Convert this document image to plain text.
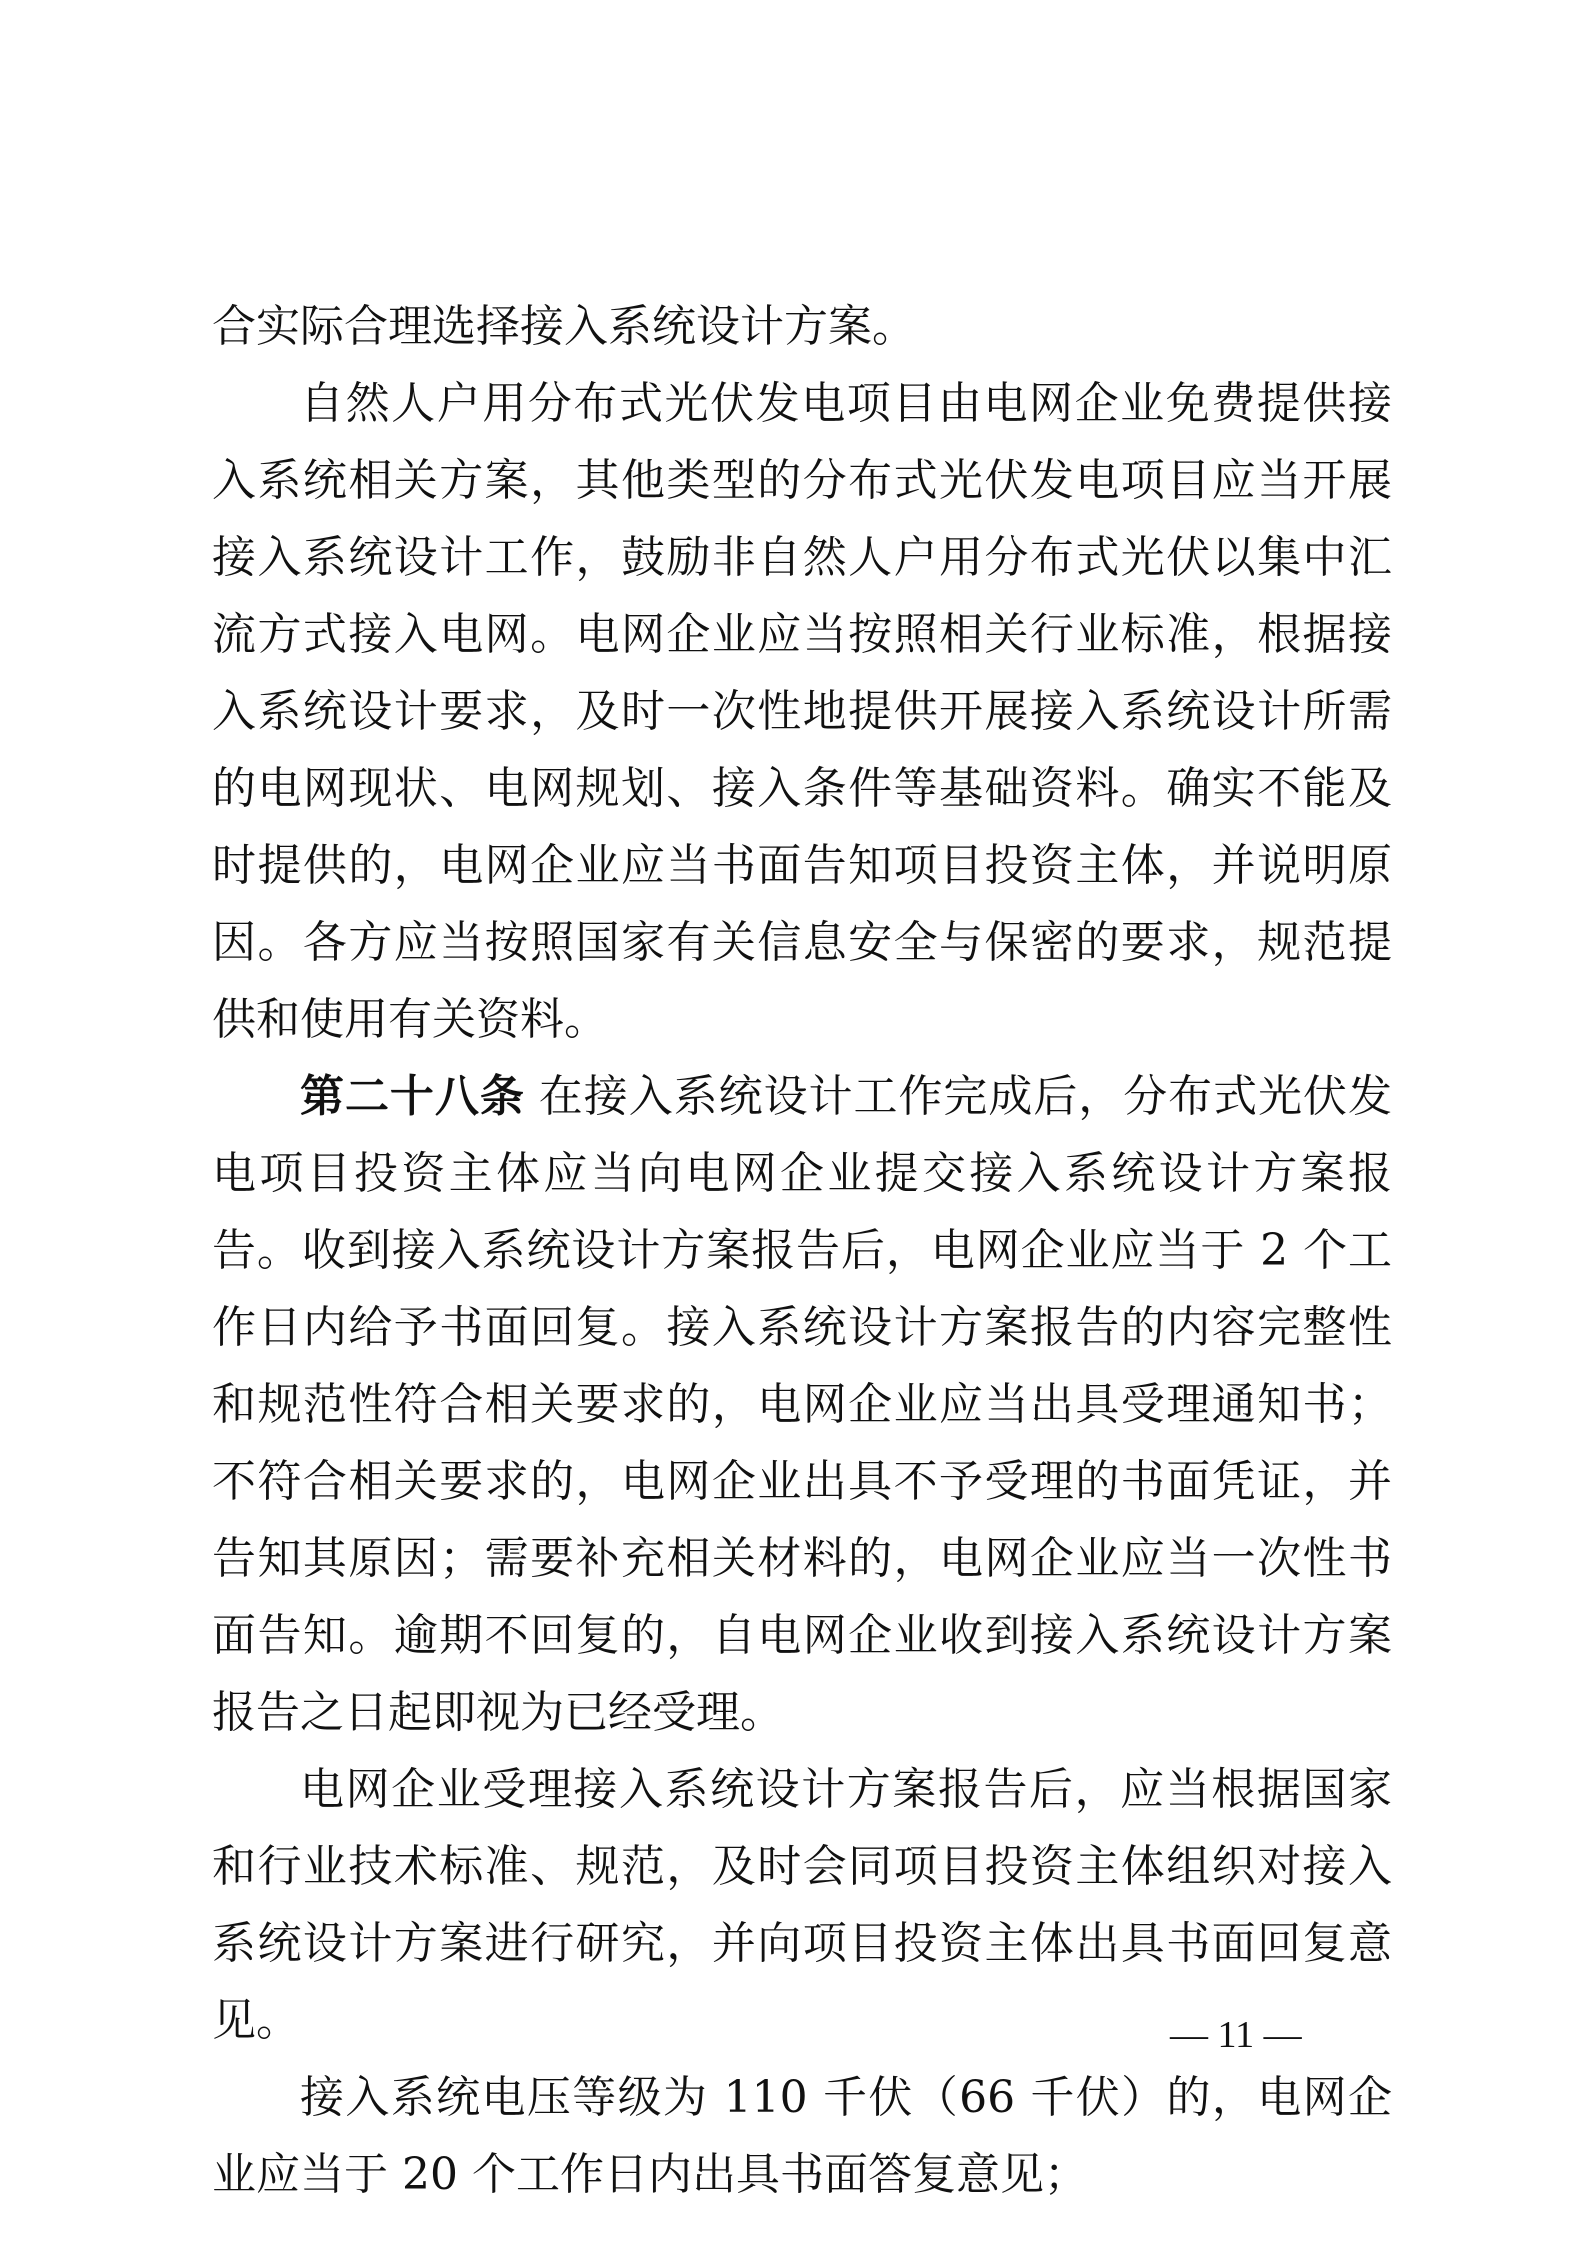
合实际合理选择接入系统设计方案。

自然人户用分布式光伏发电项目由电网企业免费提供接入系统相关方案，其他类型的分布式光伏发电项目应当开展接入系统设计工作，鼓励非自然人户用分布式光伏以集中汇流方式接入电网。电网企业应当按照相关行业标准，根据接入系统设计要求，及时一次性地提供开展接入系统设计所需的电网现状、电网规划、接入条件等基础资料。确实不能及时提供的，电网企业应当书面告知项目投资主体，并说明原因。各方应当按照国家有关信息安全与保密的要求，规范提供和使用有关资料。

第二十八条 在接入系统设计工作完成后，分布式光伏发电项目投资主体应当向电网企业提交接入系统设计方案报告。收到接入系统设计方案报告后，电网企业应当于 2 个工作日内给予书面回复。接入系统设计方案报告的内容完整性和规范性符合相关要求的，电网企业应当出具受理通知书；不符合相关要求的，电网企业出具不予受理的书面凭证，并告知其原因；需要补充相关材料的，电网企业应当一次性书面告知。逾期不回复的，自电网企业收到接入系统设计方案报告之日起即视为已经受理。

电网企业受理接入系统设计方案报告后，应当根据国家和行业技术标准、规范，及时会同项目投资主体组织对接入系统设计方案进行研究，并向项目投资主体出具书面回复意见。

接入系统电压等级为 110 千伏（66 千伏）的，电网企业应当于 20 个工作日内出具书面答复意见；

— 11 —
